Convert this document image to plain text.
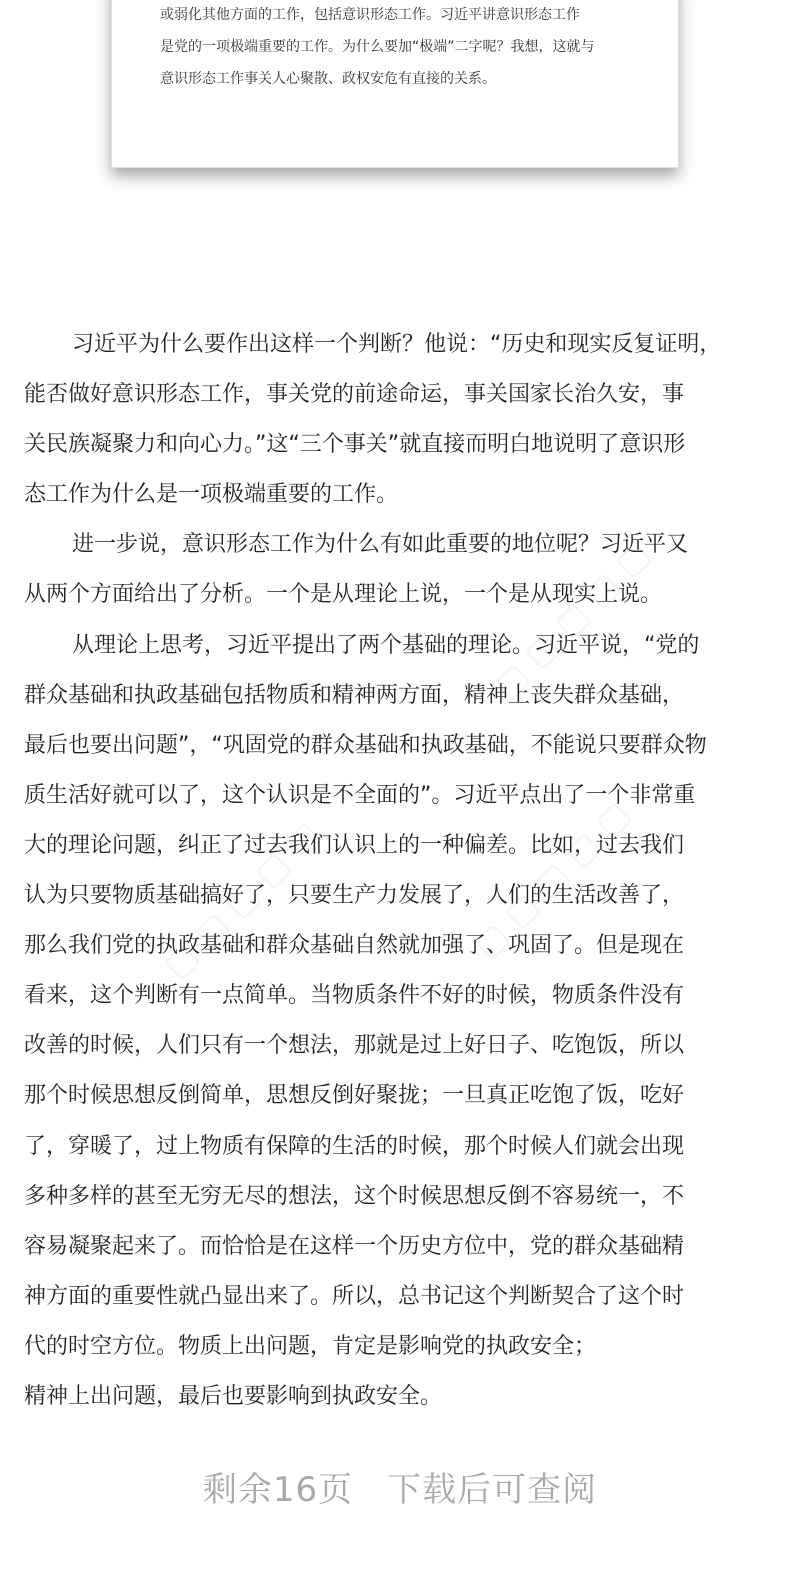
或弱化其他方面的工作，包括意识形态工作。习近平讲意识形态工作
是党的一项极端重要的工作。为什么要加“极端”二字呢？我想，这就与
意识形态工作事关人心聚散、政权安危有直接的关系。
习近平为什么要作出这样一个判断？他说：“历史和现实反复证明，
能否做好意识形态工作，事关党的前途命运，事关国家长治久安，事
关民族凝聚力和向心力。”这“三个事关”就直接而明白地说明了意识形
态工作为什么是一项极端重要的工作。
进一步说，意识形态工作为什么有如此重要的地位呢？习近平又
从两个方面给出了分析。一个是从理论上说，一个是从现实上说。
从理论上思考，习近平提出了两个基础的理论。习近平说，“党的
群众基础和执政基础包括物质和精神两方面，精神上丧失群众基础，
最后也要出问题”，“巩固党的群众基础和执政基础，不能说只要群众物
质生活好就可以了，这个认识是不全面的”。习近平点出了一个非常重
大的理论问题，纠正了过去我们认识上的一种偏差。比如，过去我们
认为只要物质基础搞好了，只要生产力发展了，人们的生活改善了，
那么我们党的执政基础和群众基础自然就加强了、巩固了。但是现在
看来，这个判断有一点简单。当物质条件不好的时候，物质条件没有
改善的时候，人们只有一个想法，那就是过上好日子、吃饱饭，所以
那个时候思想反倒简单，思想反倒好聚拢；一旦真正吃饱了饭，吃好
了，穿暖了，过上物质有保障的生活的时候，那个时候人们就会出现
多种多样的甚至无穷无尽的想法，这个时候思想反倒不容易统一，不
容易凝聚起来了。而恰恰是在这样一个历史方位中，党的群众基础精
神方面的重要性就凸显出来了。所以，总书记这个判断契合了这个时
代的时空方位。物质上出问题，肯定是影响党的执政安全；
精神上出问题，最后也要影响到执政安全。
剩余16页 下载后可查阅
